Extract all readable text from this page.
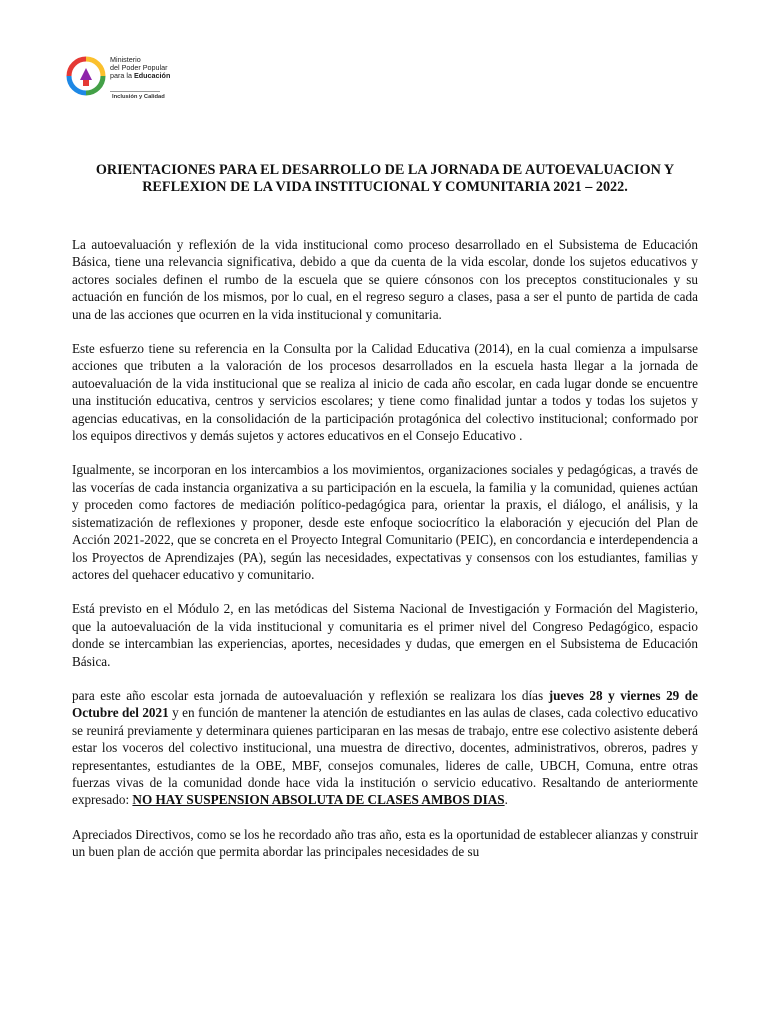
Ministerio
del Poder Popular
para la Educación
Inclusión y Calidad
ORIENTACIONES PARA EL DESARROLLO DE LA JORNADA DE AUTOEVALUACION Y REFLEXION DE LA VIDA INSTITUCIONAL Y COMUNITARIA 2021 – 2022.

La autoevaluación y reflexión de la vida institucional como proceso desarrollado en el Subsistema de Educación Básica, tiene una relevancia significativa, debido a que da cuenta de la vida escolar, donde los sujetos educativos y actores sociales definen el rumbo de la escuela que se quiere cónsonos con los preceptos constitucionales y su actuación en función de los mismos, por lo cual, en el regreso seguro a clases, pasa a ser el punto de partida de cada una de las acciones que ocurren en la vida institucional y comunitaria.

Este esfuerzo tiene su referencia en la Consulta por la Calidad Educativa (2014), en la cual comienza a impulsarse acciones que tributen a la valoración de los procesos desarrollados en la escuela hasta llegar a la jornada de autoevaluación de la vida institucional que se realiza al inicio de cada año escolar, en cada lugar donde se encuentre una institución educativa, centros y servicios escolares; y tiene como finalidad juntar a todos y todas los sujetos y agencias educativas, en la consolidación de la participación protagónica del colectivo institucional; conformado por los equipos directivos y demás sujetos y actores educativos en el Consejo Educativo .

Igualmente, se incorporan en los intercambios a los movimientos, organizaciones sociales y pedagógicas, a través de las vocerías de cada instancia organizativa a su participación en la escuela, la familia y la comunidad, quienes actúan y proceden como factores de mediación político-pedagógica para, orientar la praxis, el diálogo, el análisis, y la sistematización de reflexiones y proponer, desde este enfoque sociocrítico la elaboración y ejecución del Plan de Acción 2021-2022, que se concreta en el Proyecto Integral Comunitario (PEIC), en concordancia e interdependencia a los Proyectos de Aprendizajes (PA), según las necesidades, expectativas y consensos con los estudiantes, familias y actores del quehacer educativo y comunitario.

Está previsto en el Módulo 2, en las metódicas del Sistema Nacional de Investigación y Formación del Magisterio, que la autoevaluación de la vida institucional y comunitaria es el primer nivel del Congreso Pedagógico, espacio donde se intercambian las experiencias, aportes, necesidades y dudas, que emergen en el Subsistema de Educación Básica.

para este año escolar esta jornada de autoevaluación y reflexión se realizara los días jueves 28 y viernes 29 de Octubre del 2021 y en función de mantener la atención de estudiantes en las aulas de clases, cada colectivo educativo se reunirá previamente y determinara quienes participaran en las mesas de trabajo, entre ese colectivo asistente deberá estar los voceros del colectivo institucional, una muestra de directivo, docentes, administrativos, obreros, padres y representantes, estudiantes de la OBE, MBF, consejos comunales, lideres de calle, UBCH, Comuna, entre otras fuerzas vivas de la comunidad donde hace vida la institución o servicio educativo. Resaltando de anteriormente expresado: NO HAY SUSPENSION ABSOLUTA DE CLASES AMBOS DIAS.

Apreciados Directivos, como se los he recordado año tras año, esta es la oportunidad de establecer alianzas y construir un buen plan de acción que permita abordar las principales necesidades de su
